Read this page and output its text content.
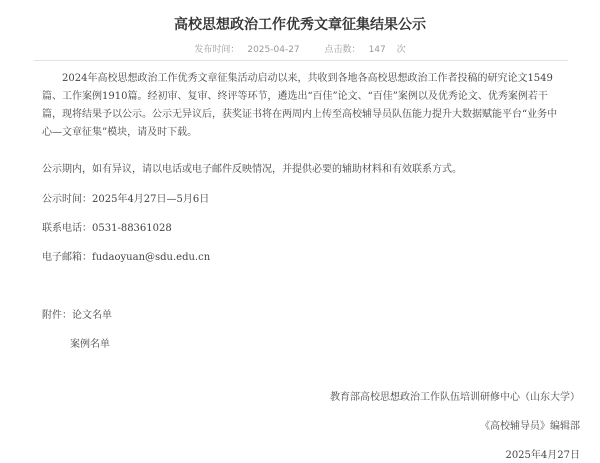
高校思想政治工作优秀文章征集结果公示
发布时间： 2025-04-27	点击数： 147 次
2024年高校思想政治工作优秀文章征集活动启动以来，共收到各地各高校思想政治工作者投稿的研究论文1549篇、工作案例1910篇。经初审、复审、终评等环节，遴选出“百佳”论文、“百佳”案例以及优秀论文、优秀案例若干篇，现将结果予以公示。公示无异议后，获奖证书将在两周内上传至高校辅导员队伍能力提升大数据赋能平台“业务中心—文章征集”模块，请及时下载。
公示期内，如有异议，请以电话或电子邮件反映情况，并提供必要的辅助材料和有效联系方式。
公示时间：2025年4月27日—5月6日
联系电话：0531-88361028
电子邮箱：fudaoyuan@sdu.edu.cn
附件：论文名单
案例名单
教育部高校思想政治工作队伍培训研修中心（山东大学）
《高校辅导员》编辑部
2025年4月27日
